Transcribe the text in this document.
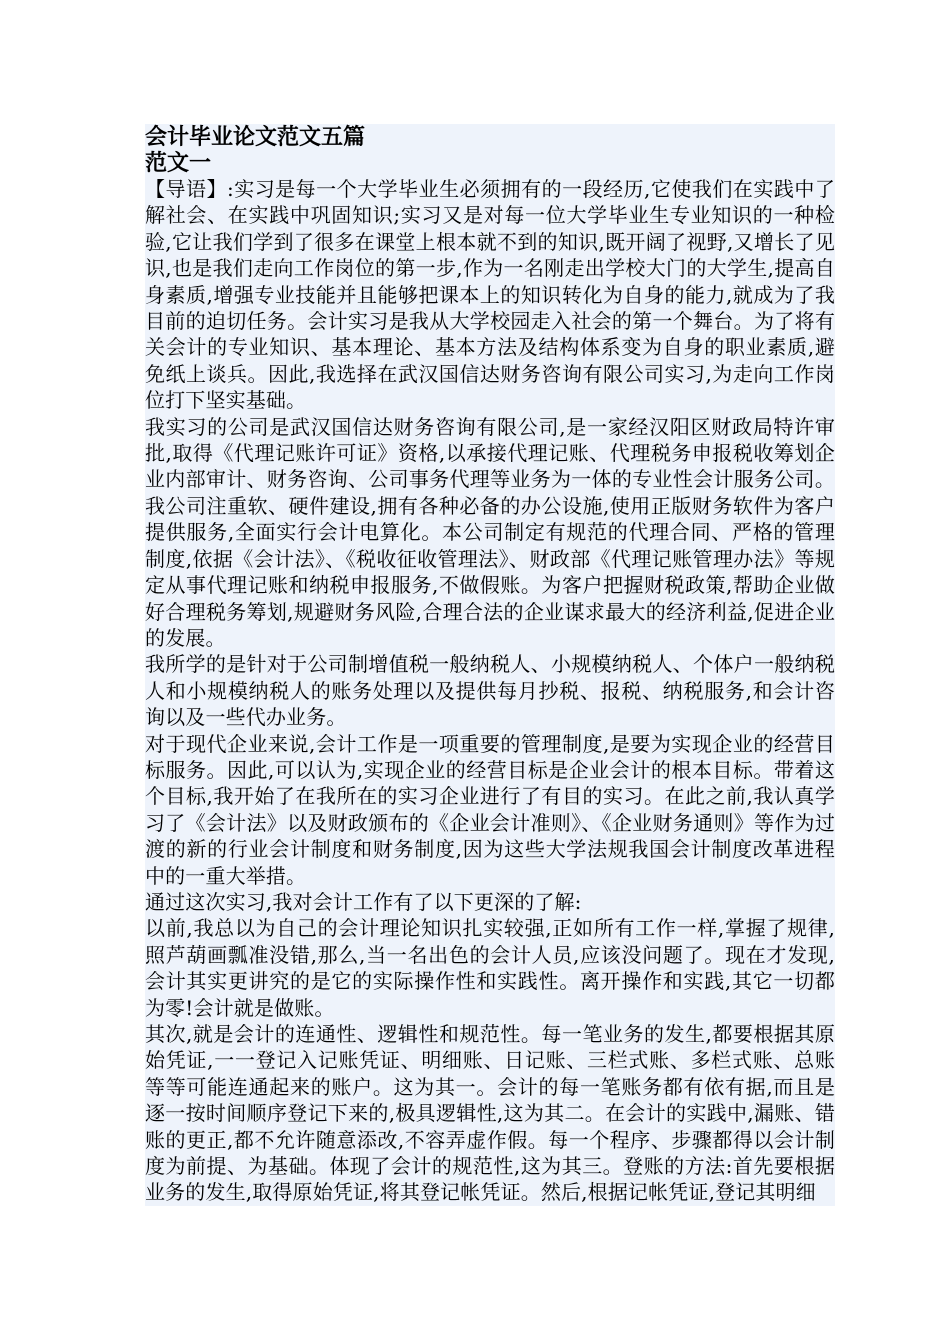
会计毕业论文范文五篇
范文一

【导语】:实习是每一个大学毕业生必须拥有的一段经历,它使我们在实践中了解社会、在实践中巩固知识;实习又是对每一位大学毕业生专业知识的一种检验,它让我们学到了很多在课堂上根本就不到的知识,既开阔了视野,又增长了见识,也是我们走向工作岗位的第一步,作为一名刚走出学校大门的大学生,提高自身素质,增强专业技能并且能够把课本上的知识转化为自身的能力,就成为了我目前的迫切任务。会计实习是我从大学校园走入社会的第一个舞台。为了将有关会计的专业知识、基本理论、基本方法及结构体系变为自身的职业素质,避免纸上谈兵。因此,我选择在武汉国信达财务咨询有限公司实习,为走向工作岗位打下坚实基础。

我实习的公司是武汉国信达财务咨询有限公司,是一家经汉阳区财政局特许审批,取得《代理记账许可证》资格,以承接代理记账、代理税务申报税收筹划企业内部审计、财务咨询、公司事务代理等业务为一体的专业性会计服务公司。我公司注重软、硬件建设,拥有各种必备的办公设施,使用正版财务软件为客户提供服务,全面实行会计电算化。本公司制定有规范的代理合同、严格的管理制度,依据《会计法》、《税收征收管理法》、财政部《代理记账管理办法》等规定从事代理记账和纳税申报服务,不做假账。为客户把握财税政策,帮助企业做好合理税务筹划,规避财务风险,合理合法的企业谋求最大的经济利益,促进企业的发展。

我所学的是针对于公司制增值税一般纳税人、小规模纳税人、个体户一般纳税人和小规模纳税人的账务处理以及提供每月抄税、报税、纳税服务,和会计咨询以及一些代办业务。

对于现代企业来说,会计工作是一项重要的管理制度,是要为实现企业的经营目标服务。因此,可以认为,实现企业的经营目标是企业会计的根本目标。带着这个目标,我开始了在我所在的实习企业进行了有目的实习。在此之前,我认真学习了《会计法》以及财政颁布的《企业会计准则》、《企业财务通则》等作为过渡的新的行业会计制度和财务制度,因为这些大学法规我国会计制度改革进程中的一重大举措。

通过这次实习,我对会计工作有了以下更深的了解:

以前,我总以为自己的会计理论知识扎实较强,正如所有工作一样,掌握了规律,照芦葫画瓢准没错,那么,当一名出色的会计人员,应该没问题了。现在才发现,会计其实更讲究的是它的实际操作性和实践性。离开操作和实践,其它一切都为零!会计就是做账。

其次,就是会计的连通性、逻辑性和规范性。每一笔业务的发生,都要根据其原始凭证,一一登记入记账凭证、明细账、日记账、三栏式账、多栏式账、总账等等可能连通起来的账户。这为其一。会计的每一笔账务都有依有据,而且是逐一按时间顺序登记下来的,极具逻辑性,这为其二。在会计的实践中,漏账、错账的更正,都不允许随意添改,不容弄虚作假。每一个程序、步骤都得以会计制度为前提、为基础。体现了会计的规范性,这为其三。登账的方法:首先要根据业务的发生,取得原始凭证,将其登记帐凭证。然后,根据记帐凭证,登记其明细
